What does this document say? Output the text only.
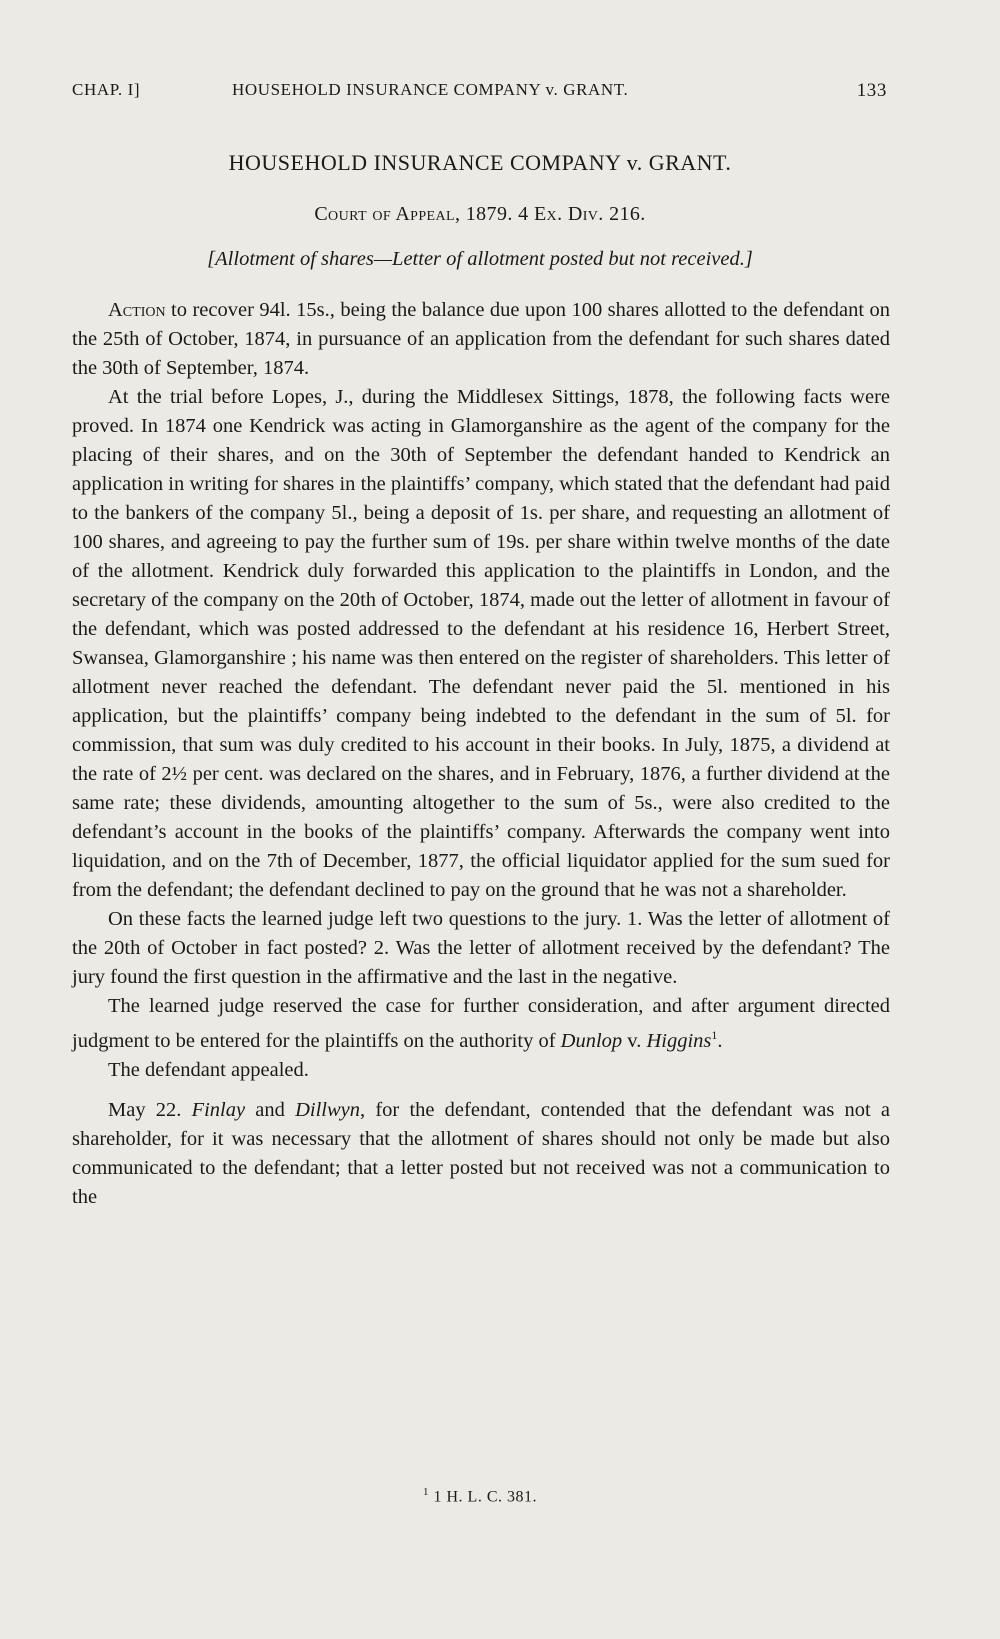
CHAP. I]	HOUSEHOLD INSURANCE COMPANY v. GRANT.	133
HOUSEHOLD INSURANCE COMPANY v. GRANT.
Court of Appeal, 1879. 4 Ex. Div. 216.
[Allotment of shares—Letter of allotment posted but not received.]

Action to recover 94l. 15s., being the balance due upon 100 shares allotted to the defendant on the 25th of October, 1874, in pursuance of an application from the defendant for such shares dated the 30th of September, 1874.

At the trial before Lopes, J., during the Middlesex Sittings, 1878, the following facts were proved. In 1874 one Kendrick was acting in Glamorganshire as the agent of the company for the placing of their shares, and on the 30th of September the defendant handed to Kendrick an application in writing for shares in the plaintiffs’ company, which stated that the defendant had paid to the bankers of the company 5l., being a deposit of 1s. per share, and requesting an allotment of 100 shares, and agreeing to pay the further sum of 19s. per share within twelve months of the date of the allotment. Kendrick duly forwarded this application to the plaintiffs in London, and the secretary of the company on the 20th of October, 1874, made out the letter of allotment in favour of the defendant, which was posted addressed to the defendant at his residence 16, Herbert Street, Swansea, Glamorganshire ; his name was then entered on the register of shareholders. This letter of allotment never reached the defendant. The defendant never paid the 5l. mentioned in his application, but the plaintiffs’ company being indebted to the defendant in the sum of 5l. for commission, that sum was duly credited to his account in their books. In July, 1875, a dividend at the rate of 2½ per cent. was declared on the shares, and in February, 1876, a further dividend at the same rate; these dividends, amounting altogether to the sum of 5s., were also credited to the defendant’s account in the books of the plaintiffs’ company. Afterwards the company went into liquidation, and on the 7th of December, 1877, the official liquidator applied for the sum sued for from the defendant; the defendant declined to pay on the ground that he was not a shareholder.

On these facts the learned judge left two questions to the jury. 1. Was the letter of allotment of the 20th of October in fact posted? 2. Was the letter of allotment received by the defendant? The jury found the first question in the affirmative and the last in the negative.

The learned judge reserved the case for further consideration, and after argument directed judgment to be entered for the plaintiffs on the authority of Dunlop v. Higgins$^1$.

The defendant appealed.

May 22. Finlay and Dillwyn, for the defendant, contended that the defendant was not a shareholder, for it was necessary that the allotment of shares should not only be made but also communicated to the defendant; that a letter posted but not received was not a communication to the

$^1$ 1 H. L. C. 381.
